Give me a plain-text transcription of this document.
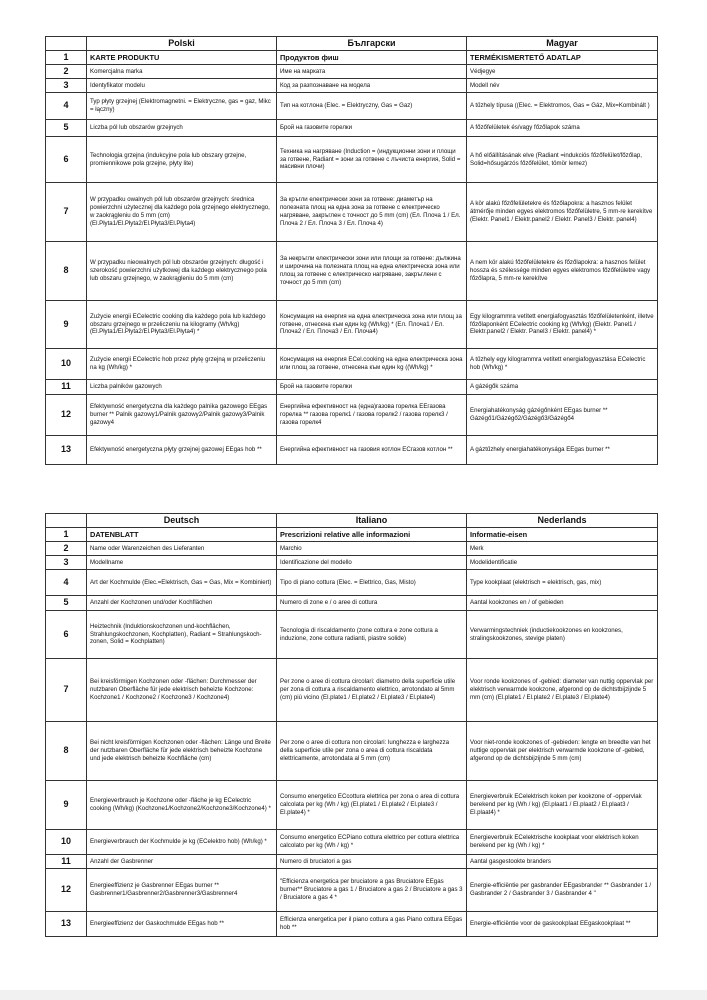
	Polski	Български	Magyar
1	KARTE PRODUKTU	Продуктов фиш	TERMÉKISMERTETŐ ADATLAP
2	Komercjalna marka	Име на марката	Védjegye
3	Identyfikator modelu	Код за разпознаване на модела	Modell név
4	Typ płyty grzejnej (Elektromagnetni. = Elektryczne, gas = gaz, Mikc = łączny)	Тип на котлона (Elec. = Elektryczny, Gas = Gaz)	A tűzhely típusa ((Elec. = Elektromos, Gas = Gáz, Mix=Kombinált )
5	Liczba pól lub obszarów grzejnych	Брой на газовите горелки	A főzőfelületek és/vagy főzőlapok száma
6	Technologia grzejna (indukcyjne pola lub obszary grzejne, promiennikowe pola grzejne, płyty lite)	Техника на нагряване (Induction = (индукционни зони и площи за готвене, Radiant = зони за готвене с лъчиста енергия, Solid = масивни плочи)	A hő előállításának elve (Radiant =indukciós főzőfelület/főzőlap, Solid=hősugárzós főzőfelület, tömör lemez)
7	W przypadku owalnych pól lub obszarów grzejnych: średnica powierzchni użytecznej dla każdego pola grzejnego elektrycznego, w zaokrągleniu do 5 mm (cm) (El.Płyta1/El.Płyta2/El.Płyta3/El.Płyta4)	За кръгли електрически зони за готвене: диаметър на полезната площ на една зона за готвене с електрическо нагряване, закръглен с точност до 5 mm (cm) (Ел. Плоча 1 / Ел. Плоча 2 / Ел. Плоча 3 / Ел. Плоча 4)	A kör alakú főzőfelületekre és főzőlapokra: a hasznos felület átmérője minden egyes elektromos főzőfelületre, 5 mm-re kerekítve (Elektr. Panel1 / Elektr.panel2 / Elektr. Panel3 / Elektr. panel4)
8	W przypadku nieowalnych pól lub obszarów grzejnych: długość i szerokość powierzchni użytkowej dla każdego elektrycznego pola lub obszaru grzejnego, w zaokrągleniu do 5 mm (cm)	За некръгли електрически зони или площи за готвене: дължина и широчина на полезната площ на една електрическа зона или площ за готвене с електрическо нагряване, закръглени с точност до 5 mm (cm)	A nem kör alakú főzőfelületekre és főzőlapokra: a hasznos felület hossza és szélessége minden egyes elektromos főzőfelületre vagy főzőlapra, 5 mm-re kerekítve
9	Zużycie energii ECelectric cooking dla każdego pola lub każdego obszaru grzejnego w przeliczeniu na kilogramy (Wh/kg) (El.Płyta1/El.Płyta2/El.Płyta3/El.Płyta4) *	Консумация на енергия на една електрическа зона или площ за готвене, отнесена към един kg (Wh/kg) * (Ел. Плоча1 / Ел. Плоча2 / Ел. Плоча3 / Ел. Плоча4)	Egy kilogrammra vetített energiafogyasztás főzőfelületenként, illetve főzőlaponként ECelectric cooking kg (Wh/kg) (Elektr. Panel1 / Elektr.panel2 / Elektr. Panel3 / Elektr. panel4) *
10	Zużycie energii ECelectric hob przez płytę grzejną w przeliczeniu na kg (Wh/kg) *	Консумация на енергия ECel.cooking на една електрическа зона или площ за готвене, отнесена към един kg ((Wh/kg) *	A tűzhely egy kilogrammra vetített energiafogyasztása ECelectric hob (Wh/kg) *
11	Liczba palników gazowych	Брой на газовите горелки	A gázégők száma
12	Efektywność energetyczna dla każdego palnika gazowego EEgas burner ** Palnik gazowy1/Palnik gazowy2/Palnik gazowy3/Palnik gazowy4	Енергийна ефективност на (една)газова горелка EEгазова горелка ** газова горелк1 / газова горелк2 / газова горелк3 / газова горелк4	Energiahatékonyság gázégőnként EEgas burner ** Gázégő1/Gázégő2/Gázégő3/Gázégő4
13	Efektywność energetyczna płyty grzejnej gazowej EEgas hob **	Енергийна ефективност на газовия котлон ECгазов котлон **	A gáztűzhely energiahatékonysága EEgas burner **
	Deutsch	Italiano	Nederlands
1	DATENBLATT	Prescrizioni relative alle informazioni	Informatie-eisen
2	Name oder Warenzeichen des Lieferanten	Marchio	Merk
3	Modellname	Identificazione del modello	Modelidentificatie
4	Art der Kochmulde (Elec.=Elektrisch, Gas = Gas, Mix = Kombiniert)	Tipo di piano cottura (Elec. = Elettrico, Gas, Misto)	Type kookplaat (elektrisch = elektrisch, gas, mix)
5	Anzahl der Kochzonen und/oder Kochflächen	Numero di zone e / o aree di cottura	Aantal kookzones en / of gebieden
6	Heiztechnik (Induktionskochzonen und-kochflächen, Strahlungskochzonen, Kochplatten), Radiant = Strahlungskoch-zonen, Solid = Kochplatten)	Tecnologia di riscaldamento (zone cottura e zone cottura a induzione, zone cottura radianti, piastre solide)	Verwarmingstechniek (inductiekookzones en kookzones, stralingskookzones, stevige platen)
7	Bei kreisförmigen Kochzonen oder -flächen: Durchmesser der nutzbaren Oberfläche für jede elektrisch beheizte Kochzone: Kochzone1 / Kochzone2 / Kochzone3 / Kochzone4)	Per zone o aree di cottura circolari: diametro della superficie utile per zona di cottura a riscaldamento elettrico, arrotondato al 5mm (cm) più vicino (El.plate1 / El.plate2 / El.plate3 / El.plate4)	Voor ronde kookzones of -gebied: diameter van nuttig oppervlak per elektrisch verwarmde kookzone, afgerond op de dichtstbijzijnde 5 mm (cm) (El.plate1 / El.plate2 / El.plate3 / El.plate4)
8	Bei nicht kreisförmigen Kochzonen oder -flächen: Länge und Breite der nutzbaren Oberfläche für jede elektrisch beheizte Kochzone und jede elektrisch beheizte Kochfläche (cm)	Per zone o aree di cottura non circolari: lunghezza e larghezza della superficie utile per zona o area di cottura riscaldata elettricamente, arrotondata al 5 mm (cm)	Voor niet-ronde kookzones of -gebieden: lengte en breedte van het nuttige oppervlak per elektrisch verwarmde kookzone of -gebied, afgerond op de dichtsbijzijnde 5 mm (cm)
9	Energieverbrauch je Kochzone oder -fläche je kg ECelectric cooking (Wh/kg) (Kochzone1/Kochzone2/Kochzone3/Kochzone4) *	Consumo energetico ECcottura elettrica per zona o area di cottura calcolata per kg (Wh / kg) (El.plate1 / El.plate2 / El.plate3 / El.plate4) *	Energieverbruik ECelektrisch koken per kookzone of -oppervlak berekend per kg (Wh / kg) (El.plaat1 / El.plaat2 / El.plaat3 / El.plaat4) *
10	Energieverbrauch der Kochmulde je kg (ECelektro hob) (Wh/kg) *	Consumo energetico ECPiano cottura elettrico per cottura elettrica calcolato per kg (Wh / kg) *	Energieverbruik ECelektrische kookplaat voor elektrisch koken berekend per kg (Wh / kg) *
11	Anzahl der Gasbrenner	Numero di bruciatori a gas	Aantal gasgestookte branders
12	Energieeffizienz je Gasbrenner EEgas burner ** Gasbrenner1/Gasbrenner2/Gasbrenner3/Gasbrenner4	"Efficienza energetica per bruciatore a gas Bruciatore EEgas burner** Bruciatore a gas 1 / Bruciatore a gas 2 / Bruciatore a gas 3 / Bruciatore a gas 4 *	Energie-efficiëntie per gasbrander EEgasbrander ** Gasbrander 1 / Gasbrander 2 / Gasbrander 3 / Gasbrander 4 "
13	Energieeffizienz der Gaskochmulde EEgas hob **	Efficienza energetica per il piano cottura a gas Piano cottura EEgas hob **	Energie-efficiëntie voor de gaskookplaat EEgaskookplaat **
